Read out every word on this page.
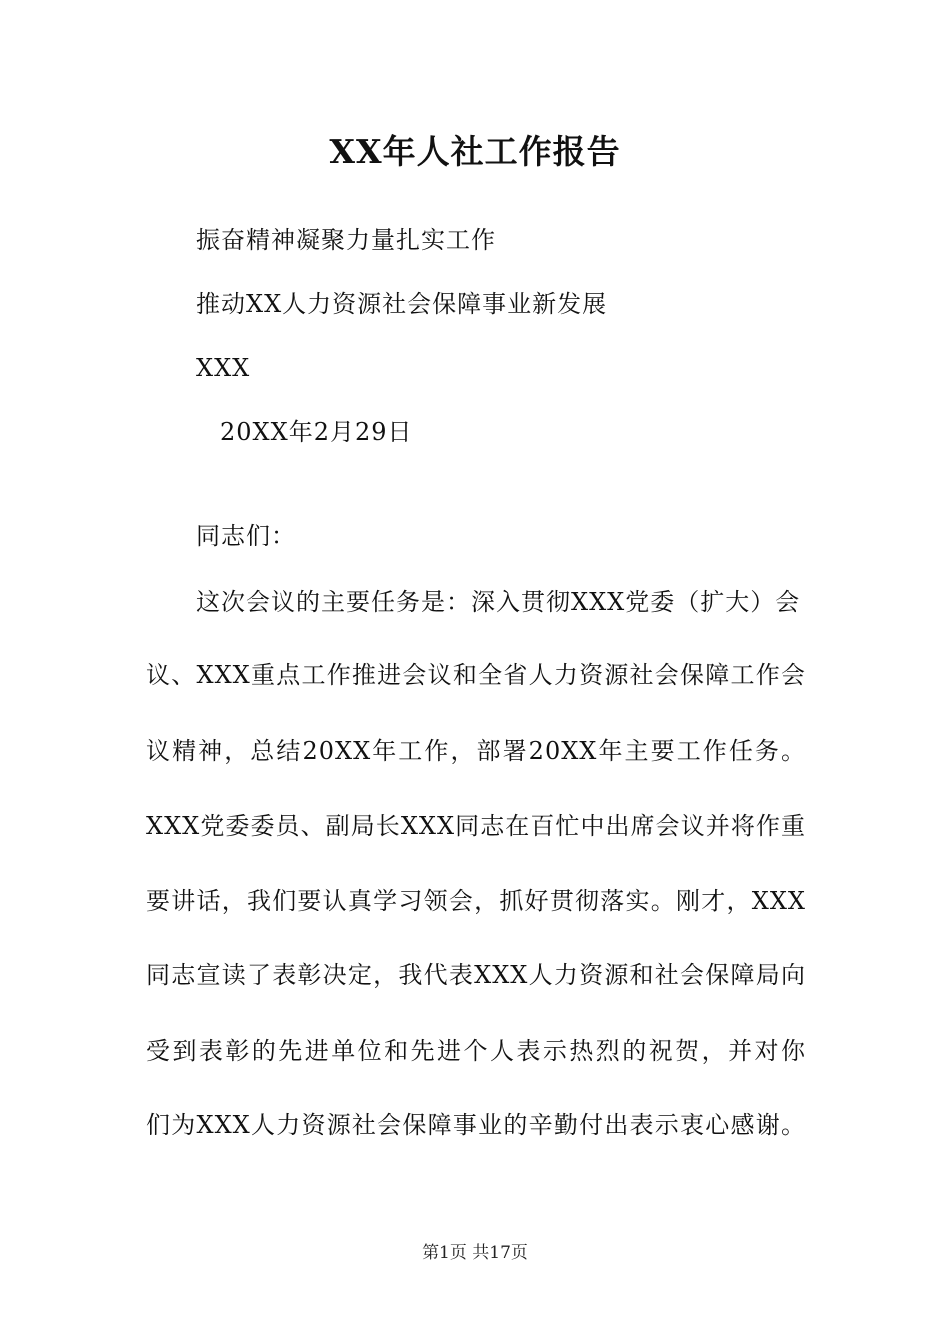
XX年人社工作报告
振奋精神凝聚力量扎实工作
推动XX人力资源社会保障事业新发展
XXX
20XX年2月29日
同志们：
这次会议的主要任务是：深入贯彻XXX党委（扩大）会
议、XXX重点工作推进会议和全省人力资源社会保障工作会
议精神，总结20XX年工作，部署20XX年主要工作任务。
XXX党委委员、副局长XXX同志在百忙中出席会议并将作重
要讲话，我们要认真学习领会，抓好贯彻落实。刚才，XXX
同志宣读了表彰决定，我代表XXX人力资源和社会保障局向
受到表彰的先进单位和先进个人表示热烈的祝贺，并对你
们为XXX人力资源社会保障事业的辛勤付出表示衷心感谢。
第1页 共17页
